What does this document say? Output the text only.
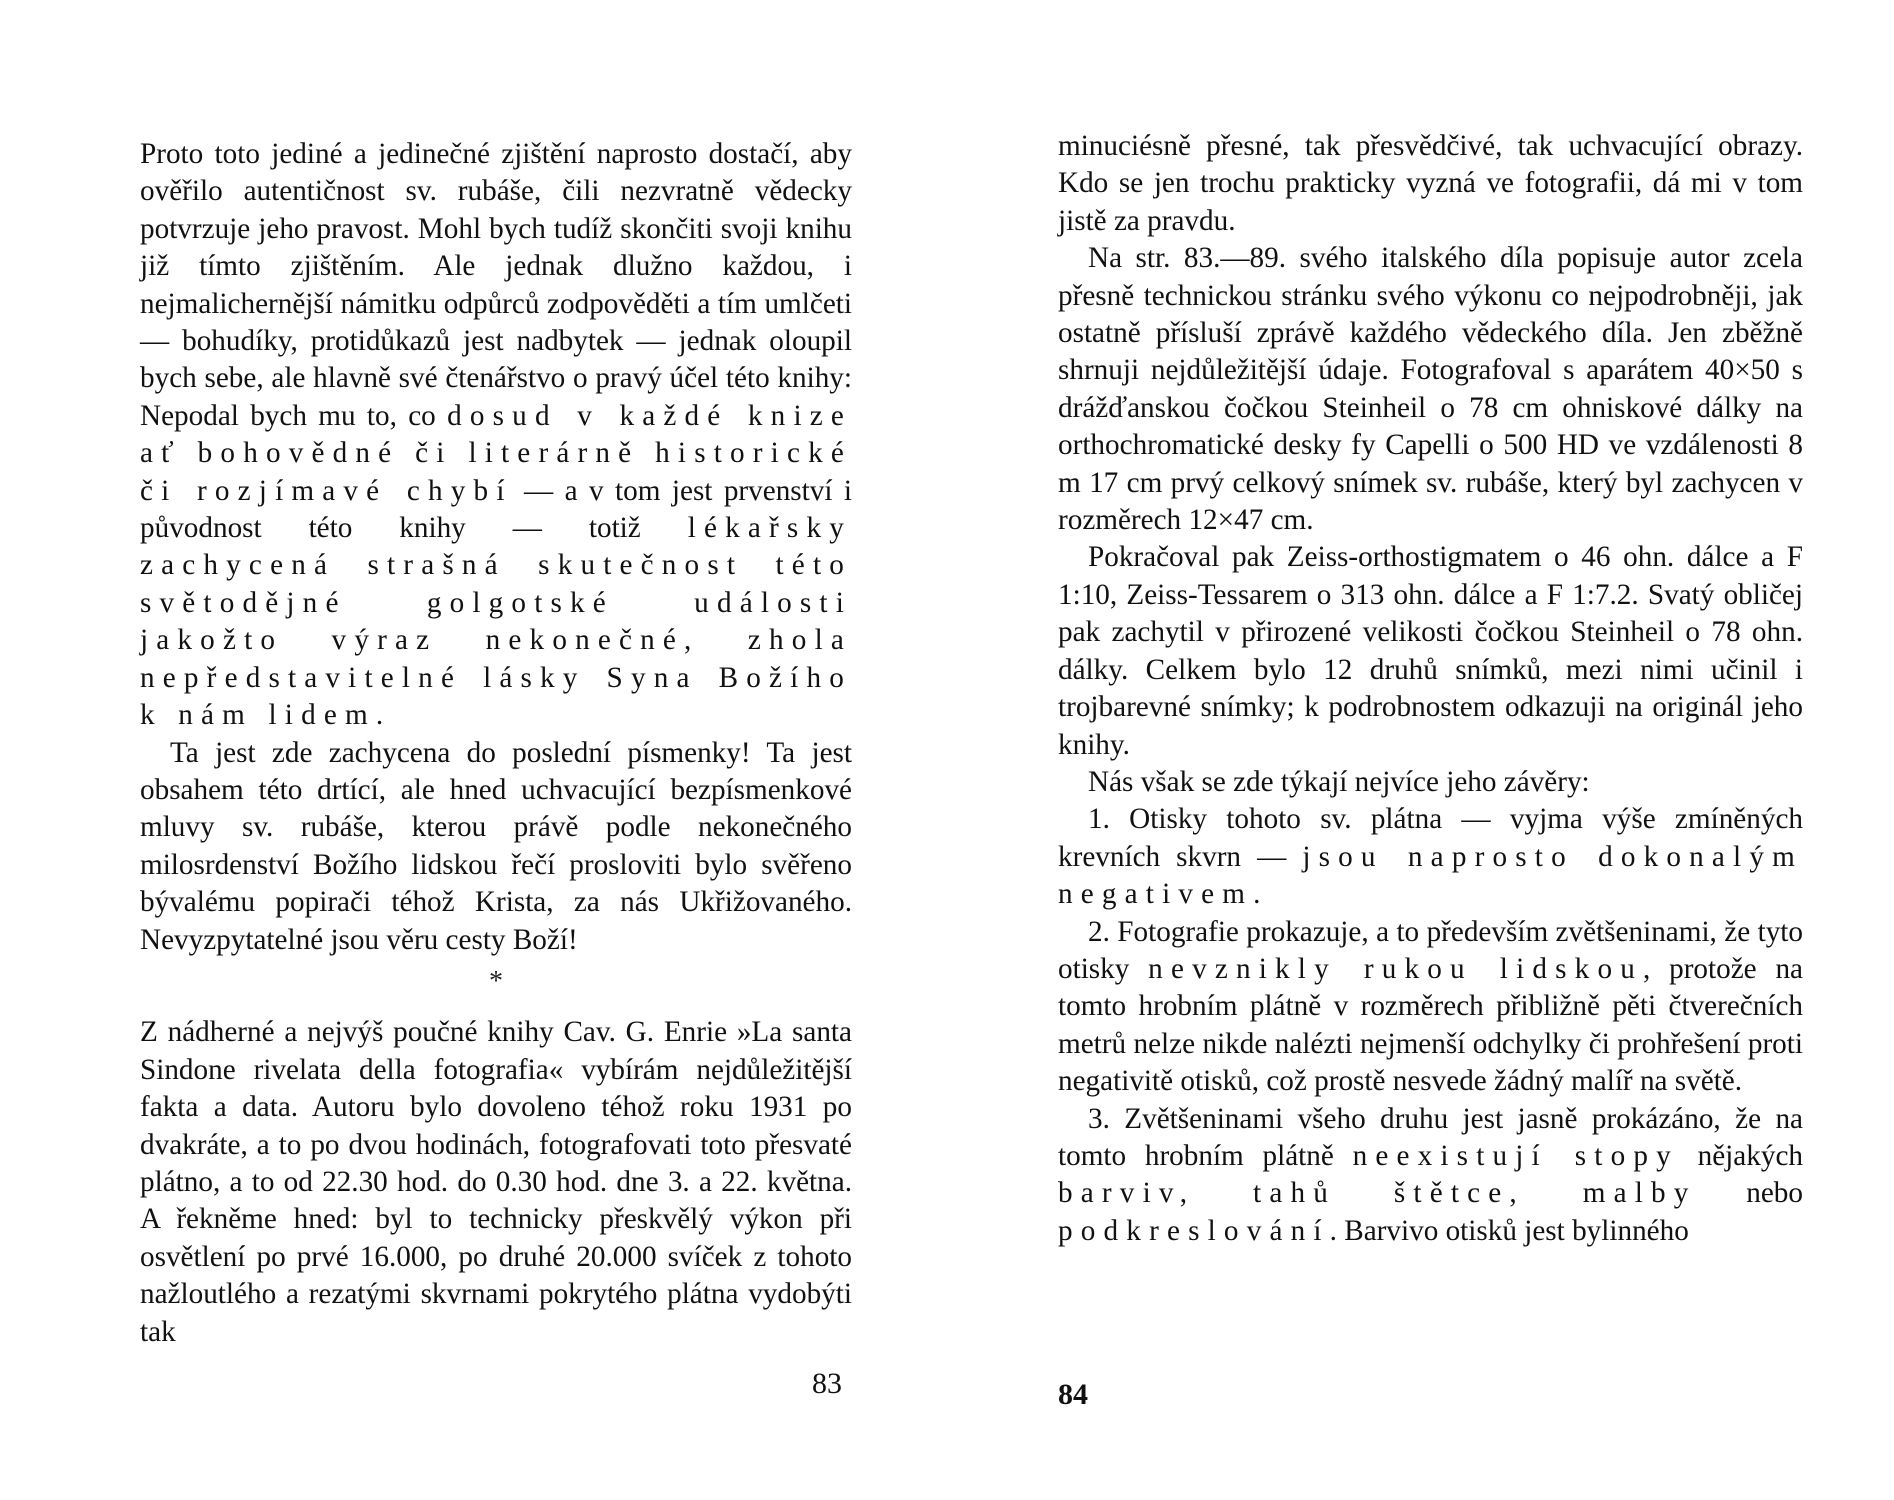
Proto toto jediné a jedinečné zjištění naprosto dostačí, aby ověřilo autentičnost sv. rubáše, čili nezvratně vědecky potvrzuje jeho pravost. Mohl bych tudíž skončiti svoji knihu již tímto zjištěním. Ale jednak dlužno každou, i nejmalichernější námitku odpůrců zodpověděti a tím umlčeti — bohudíky, protidůkazů jest nadbytek — jednak oloupil bych sebe, ale hlavně své čtenářstvo o pravý účel této knihy: Nepodal bych mu to, co dosud v každé knize ať bohovědné či literárně historické či rozjímavé chybí — a v tom jest prvenství i původnost této knihy — totiž lékařsky zachycená strašná skutečnost této světodějné golgotské události jakožto výraz nekonečné, zhola nepředstavitelné lásky Syna Božího k nám lidem.

Ta jest zde zachycena do poslední písmenky! Ta jest obsahem této drtící, ale hned uchvacující bezpísmenkové mluvy sv. rubáše, kterou právě podle nekonečného milosrdenství Božího lidskou řečí prosloviti bylo svěřeno bývalému popirači téhož Krista, za nás Ukřižovaného. Nevyzpytatelné jsou věru cesty Boží!

*

Z nádherné a nejvýš poučné knihy Cav. G. Enrie »La santa Sindone rivelata della fotografia« vybírám nejdůležitější fakta a data. Autoru bylo dovoleno téhož roku 1931 po dvakráte, a to po dvou hodinách, fotografovati toto přesvaté plátno, a to od 22.30 hod. do 0.30 hod. dne 3. a 22. května. A řekněme hned: byl to technicky přeskvělý výkon při osvětlení po prvé 16.000, po druhé 20.000 svíček z tohoto nažloutlého a rezatými skvrnami pokrytého plátna vydobýti tak

83

minuciésně přesné, tak přesvědčivé, tak uchvacující obrazy. Kdo se jen trochu prakticky vyzná ve fotografii, dá mi v tom jistě za pravdu.

Na str. 83.—89. svého italského díla popisuje autor zcela přesně technickou stránku svého výkonu co nejpodrobněji, jak ostatně přísluší zprávě každého vědeckého díla. Jen zběžně shrnuji nejdůležitější údaje. Fotografoval s aparátem 40×50 s drážďanskou čočkou Steinheil o 78 cm ohniskové dálky na orthochromatické desky fy Capelli o 500 HD ve vzdálenosti 8 m 17 cm prvý celkový snímek sv. rubáše, který byl zachycen v rozměrech 12×47 cm.

Pokračoval pak Zeiss-orthostigmatem o 46 ohn. dálce a F 1:10, Zeiss-Tessarem o 313 ohn. dálce a F 1:7.2. Svatý obličej pak zachytil v přirozené velikosti čočkou Steinheil o 78 ohn. dálky. Celkem bylo 12 druhů snímků, mezi nimi učinil i trojbarevné snímky; k podrobnostem odkazuji na originál jeho knihy.

Nás však se zde týkají nejvíce jeho závěry:

1. Otisky tohoto sv. plátna — vyjma výše zmíněných krevních skvrn — jsou naprosto dokonalým negativem.

2. Fotografie prokazuje, a to především zvětšeninami, že tyto otisky nevznikly rukou lidskou, protože na tomto hrobním plátně v rozměrech přibližně pěti čtverečních metrů nelze nikde nalézti nejmenší odchylky či prohřešení proti negativitě otisků, což prostě nesvede žádný malíř na světě.

3. Zvětšeninami všeho druhu jest jasně prokázáno, že na tomto hrobním plátně neexistují stopy nějakých barviv, tahů štětce, malby nebo podkreslování. Barvivo otisků jest bylinného

84
